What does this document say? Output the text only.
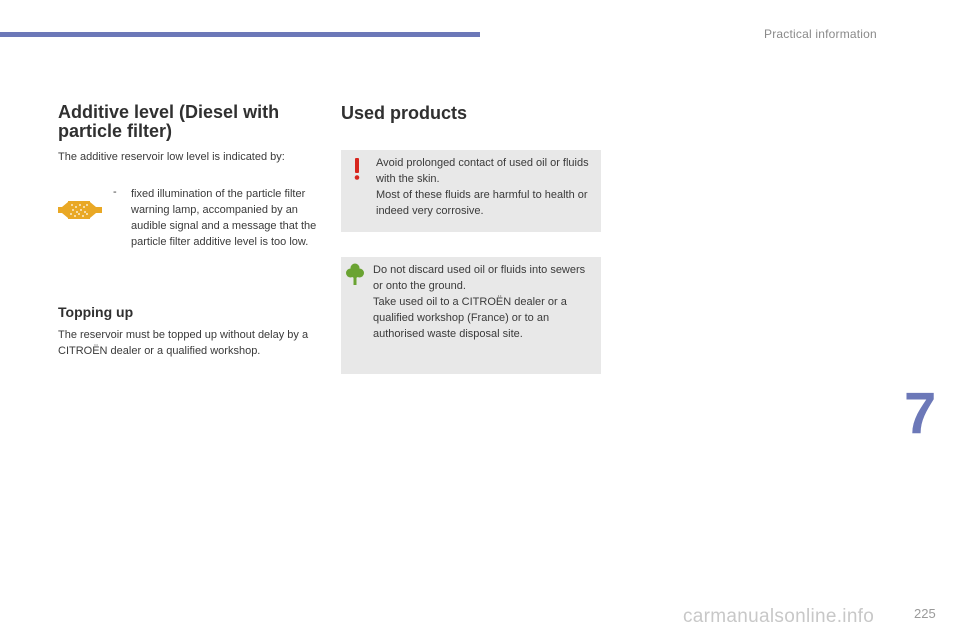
Practical information
Additive level (Diesel with particle filter)

The additive reservoir low level is indicated by:

- fixed illumination of the particle filter warning lamp, accompanied by an audible signal and a message that the particle filter additive level is too low.

Topping up

The reservoir must be topped up without delay by a CITROËN dealer or a qualified workshop.

Used products
Avoid prolonged contact of used oil or fluids with the skin.
Most of these fluids are harmful to health or indeed very corrosive.
Do not discard used oil or fluids into sewers or onto the ground.
Take used oil to a CITROËN dealer or a qualified workshop (France) or to an authorised waste disposal site.
7
carmanualsonline.info	225
